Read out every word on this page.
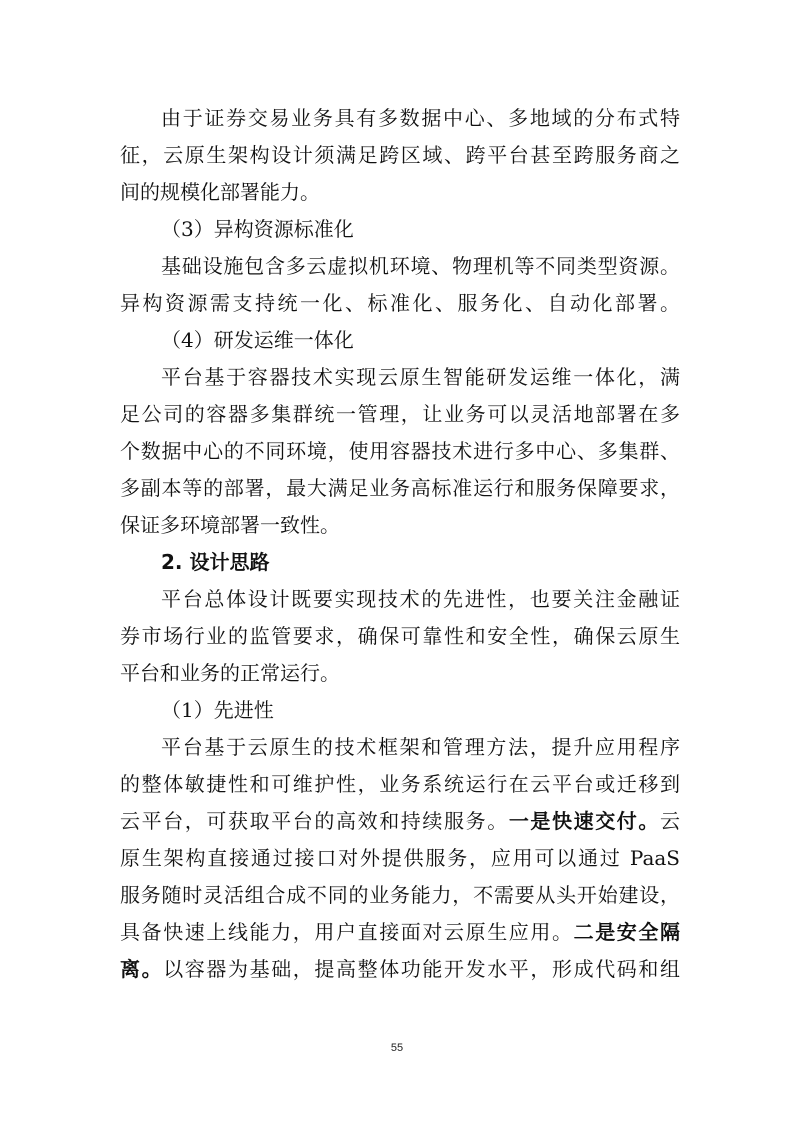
由于证券交易业务具有多数据中心、多地域的分布式特
征，云原生架构设计须满足跨区域、跨平台甚至跨服务商之
间的规模化部署能力。
（3）异构资源标准化
基础设施包含多云虚拟机环境、物理机等不同类型资源。
异构资源需支持统一化、标准化、服务化、自动化部署。
（4）研发运维一体化
平台基于容器技术实现云原生智能研发运维一体化，满
足公司的容器多集群统一管理，让业务可以灵活地部署在多
个数据中心的不同环境，使用容器技术进行多中心、多集群、
多副本等的部署，最大满足业务高标准运行和服务保障要求，
保证多环境部署一致性。
2. 设计思路
平台总体设计既要实现技术的先进性，也要关注金融证
券市场行业的监管要求，确保可靠性和安全性，确保云原生
平台和业务的正常运行。
（1）先进性
平台基于云原生的技术框架和管理方法，提升应用程序
的整体敏捷性和可维护性，业务系统运行在云平台或迁移到
云平台，可获取平台的高效和持续服务。一是快速交付。云
原生架构直接通过接口对外提供服务，应用可以通过 PaaS
服务随时灵活组合成不同的业务能力，不需要从头开始建设，
具备快速上线能力，用户直接面对云原生应用。二是安全隔
离。以容器为基础，提高整体功能开发水平，形成代码和组
55
